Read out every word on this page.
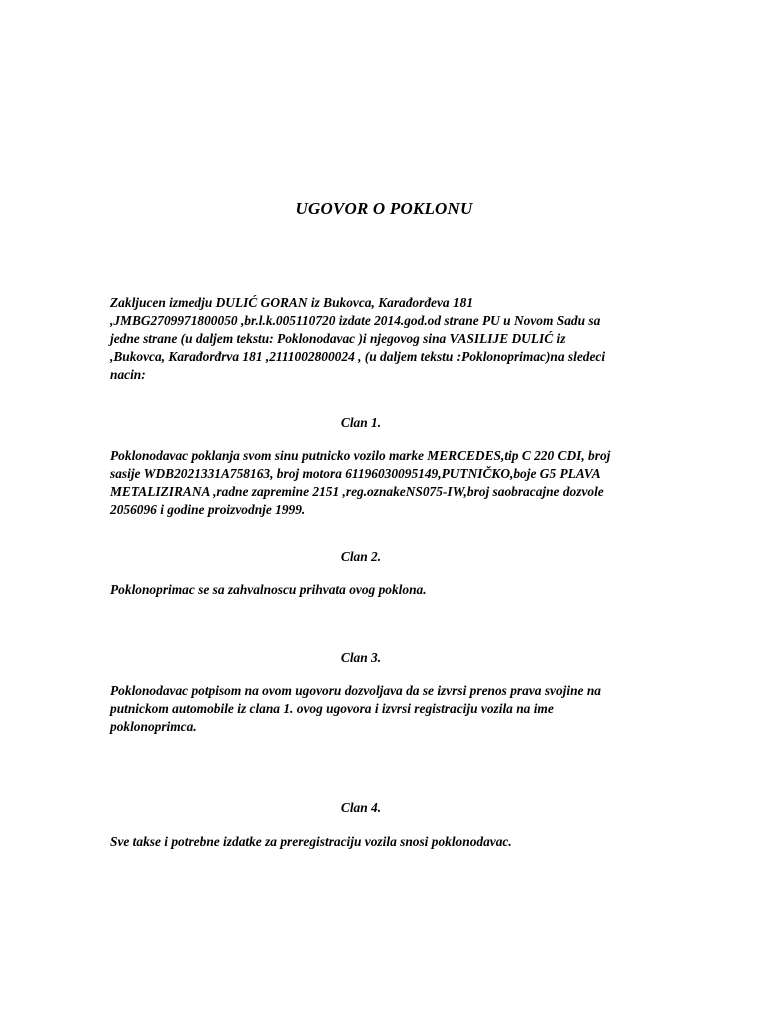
UGOVOR O POKLONU

Zakljucen izmedju DULIĆ GORAN iz Bukovca, Karađorđeva 181
,JMBG2709971800050 ,br.l.k.005110720 izdate 2014.god.od strane PU u Novom Sadu sa
jedne strane (u daljem tekstu: Poklonodavac )i njegovog sina VASILIJE DULIĆ iz
,Bukovca, Karađorđrva 181 ,2111002800024 , (u daljem tekstu :Poklonoprimac)na sledeci
nacin:

Clan 1.

Poklonodavac poklanja svom sinu putnicko vozilo marke MERCEDES,tip C 220 CDI, broj
sasije WDB2021331A758163, broj motora 61196030095149,PUTNIČKO,boje G5 PLAVA
METALIZIRANA ,radne zapremine 2151 ,reg.oznakeNS075-IW,broj saobracajne dozvole
2056096 i godine proizvodnje 1999.

Clan 2.

Poklonoprimac se sa zahvalnoscu prihvata ovog poklona.

Clan 3.

Poklonodavac potpisom na ovom ugovoru dozvoljava da se izvrsi prenos prava svojine na
putnickom automobile iz clana 1. ovog ugovora i izvrsi registraciju vozila na ime
poklonoprimca.

Clan 4.

Sve takse i potrebne izdatke za preregistraciju vozila snosi poklonodavac.
